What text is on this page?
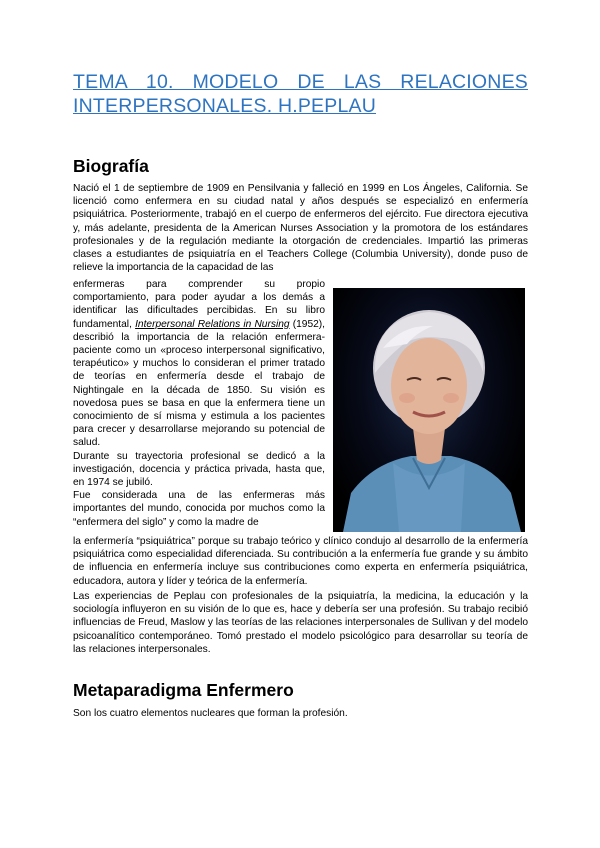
TEMA 10. MODELO DE LAS RELACIONES INTERPERSONALES. H.PEPLAU
Biografía
Nació el 1 de septiembre de 1909 en Pensilvania y falleció en 1999 en Los Ángeles, California. Se licenció como enfermera en su ciudad natal y años después se especializó en enfermería psiquiátrica. Posteriormente, trabajó en el cuerpo de enfermeros del ejército. Fue directora ejecutiva y, más adelante, presidenta de la American Nurses Association y la promotora de los estándares profesionales y de la regulación mediante la otorgación de credenciales. Impartió las primeras clases a estudiantes de psiquiatría en el Teachers College (Columbia University), donde puso de relieve la importancia de la capacidad de las

enfermeras para comprender su propio comportamiento, para poder ayudar a los demás a identificar las dificultades percibidas. En su libro fundamental, Interpersonal Relations in Nursing (1952), describió la importancia de la relación enfermera-paciente como un «proceso interpersonal significativo, terapéutico» y muchos lo consideran el primer tratado de teorías en enfermería desde el trabajo de Nightingale en la década de 1850. Su visión es novedosa pues se basa en que la enfermera tiene un conocimiento de sí misma y estimula a los pacientes para crecer y desarrollarse mejorando su potencial de salud.

Durante su trayectoria profesional se dedicó a la investigación, docencia y práctica privada, hasta que, en 1974 se jubiló.

Fue considerada una de las enfermeras más importantes del mundo, conocida por muchos como la “enfermera del siglo” y como la madre de

la enfermería “psiquiátrica” porque su trabajo teórico y clínico condujo al desarrollo de la enfermería psiquiátrica como especialidad diferenciada. Su contribución a la enfermería fue grande y su ámbito de influencia en enfermería incluye sus contribuciones como experta en enfermería psiquiátrica, educadora, autora y líder y teórica de la enfermería.
Las experiencias de Peplau con profesionales de la psiquiatría, la medicina, la educación y la sociología influyeron en su visión de lo que es, hace y debería ser una profesión. Su trabajo recibió influencias de Freud, Maslow y las teorías de las relaciones interpersonales de Sullivan y del modelo psicoanalítico contemporáneo. Tomó prestado el modelo psicológico para desarrollar su teoría de las relaciones interpersonales.
Metaparadigma Enfermero
Son los cuatro elementos nucleares que forman la profesión.
